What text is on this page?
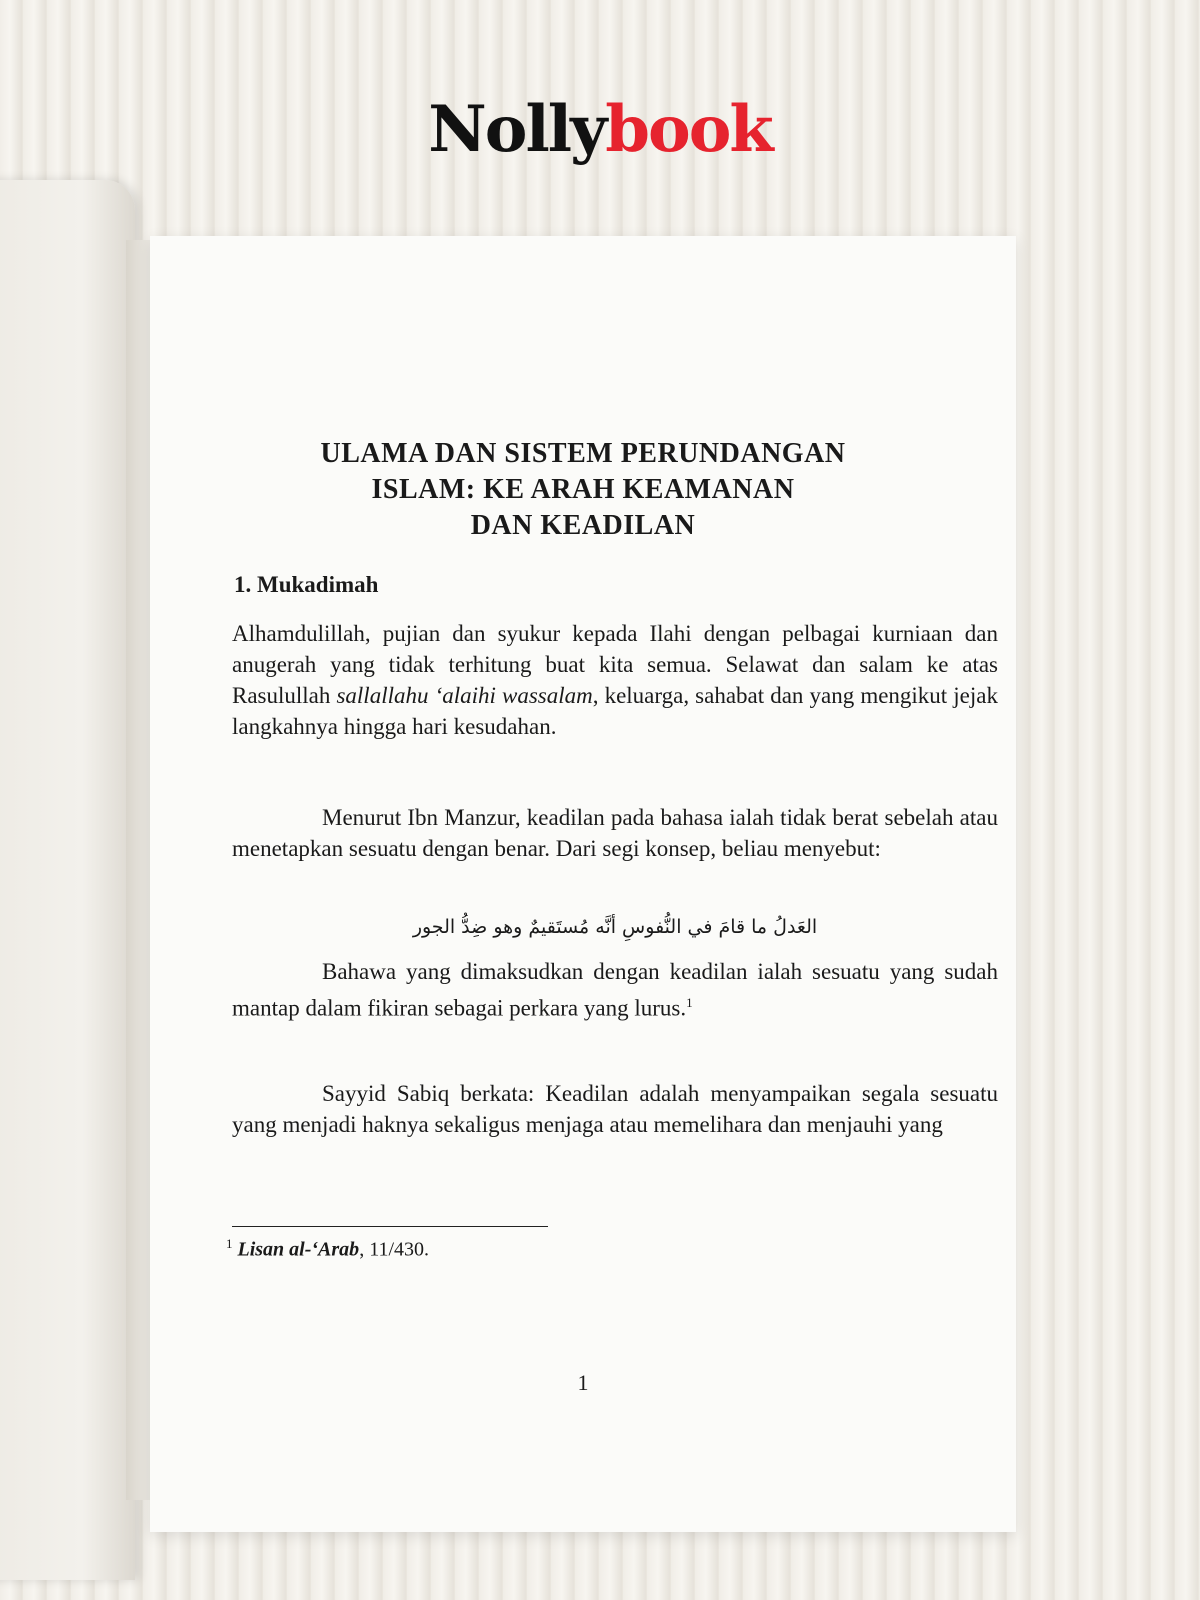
Nollybook
ULAMA DAN SISTEM PERUNDANGAN
ISLAM: KE ARAH KEAMANAN
DAN KEADILAN
1. Mukadimah
Alhamdulillah, pujian dan syukur kepada Ilahi dengan pelbagai kurniaan dan anugerah yang tidak terhitung buat kita semua. Selawat dan salam ke atas Rasulullah sallallahu ‘alaihi wassalam, keluarga, sahabat dan yang mengikut jejak langkahnya hingga hari kesudahan.
Menurut Ibn Manzur, keadilan pada bahasa ialah tidak berat sebelah atau menetapkan sesuatu dengan benar. Dari segi konsep, beliau menyebut:
العَدلُ ما قامَ في النُّفوسِ أنَّه مُستَقيمٌ وهو ضِدُّ الجور
Bahawa yang dimaksudkan dengan keadilan ialah sesuatu yang sudah mantap dalam fikiran sebagai perkara yang lurus.$^1$
Sayyid Sabiq berkata: Keadilan adalah menyampaikan segala sesuatu yang menjadi haknya sekaligus menjaga atau memelihara dan menjauhi yang
$^1$ Lisan al-‘Arab, 11/430.
1
